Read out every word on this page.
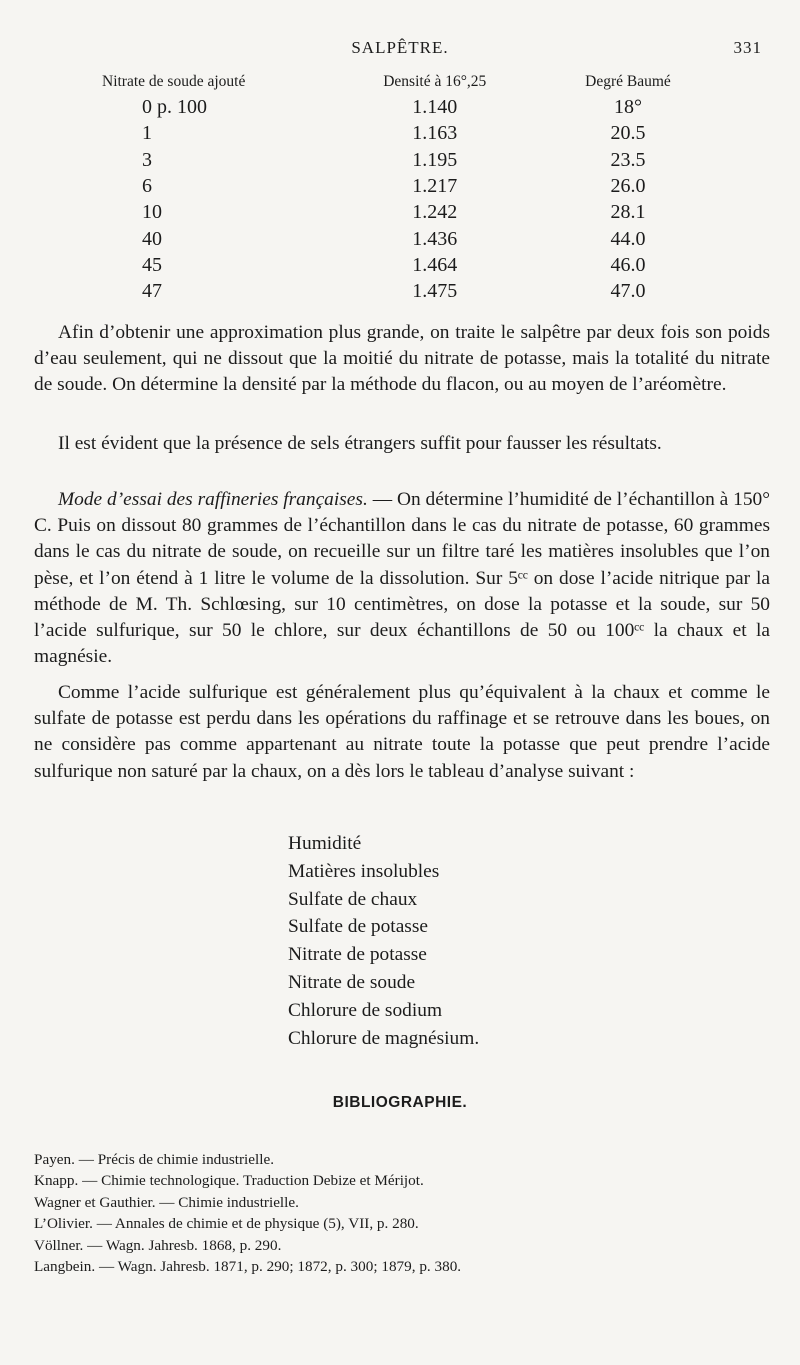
SALPÊTRE.	331
Nitrate de soude ajouté	Densité à 16°,25	Degré Baumé
0 p. 100	1.140	18°
1	1.163	20.5
3	1.195	23.5
6	1.217	26.0
10	1.242	28.1
40	1.436	44.0
45	1.464	46.0
47	1.475	47.0

Afin d’obtenir une approximation plus grande, on traite le salpêtre par deux fois son poids d’eau seulement, qui ne dissout que la moitié du nitrate de potasse, mais la totalité du nitrate de soude. On détermine la densité par la méthode du flacon, ou au moyen de l’aréomètre.

Il est évident que la présence de sels étrangers suffit pour fausser les résultats.

Mode d’essai des raffineries françaises. — On détermine l’humidité de l’échantillon à 150° C. Puis on dissout 80 grammes de l’échantillon dans le cas du nitrate de potasse, 60 grammes dans le cas du nitrate de soude, on recueille sur un filtre taré les matières insolubles que l’on pèse, et l’on étend à 1 litre le volume de la dissolution. Sur 5ᶜᶜ on dose l’acide nitrique par la méthode de M. Th. Schlœsing, sur 10 centimètres, on dose la potasse et la soude, sur 50 l’acide sulfurique, sur 50 le chlore, sur deux échantillons de 50 ou 100ᶜᶜ la chaux et la magnésie.

Comme l’acide sulfurique est généralement plus qu’équivalent à la chaux et comme le sulfate de potasse est perdu dans les opérations du raffinage et se retrouve dans les boues, on ne considère pas comme appartenant au nitrate toute la potasse que peut prendre l’acide sulfurique non saturé par la chaux, on a dès lors le tableau d’analyse suivant :

Humidité
Matières insolubles
Sulfate de chaux
Sulfate de potasse
Nitrate de potasse
Nitrate de soude
Chlorure de sodium
Chlorure de magnésium.
BIBLIOGRAPHIE.
Payen. — Précis de chimie industrielle.
Knapp. — Chimie technologique. Traduction Debize et Mérijot.
Wagner et Gauthier. — Chimie industrielle.
L’Olivier. — Annales de chimie et de physique (5), VII, p. 280.
Völlner. — Wagn. Jahresb. 1868, p. 290.
Langbein. — Wagn. Jahresb. 1871, p. 290; 1872, p. 300; 1879, p. 380.
